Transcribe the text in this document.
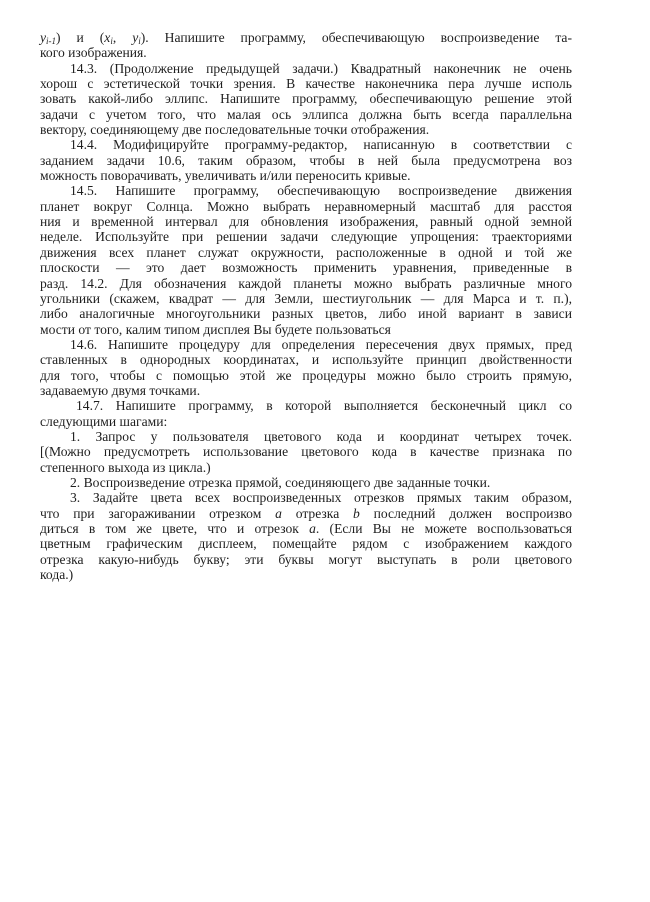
$y_{i-1}$) и ($x_i$, $y_i$). Напишите программу, обеспечивающую воспроизведение та-
кого изображения.
14.3. (Продолжение предыдущей задачи.) Квадратный наконечник не очень
хорош с эстетической точки зрения. В качестве наконечника пера лучше исполь
зовать какой-либо эллипс. Напишите программу, обеспечивающую решение этой
задачи с учетом того, что малая ось эллипса должна быть всегда параллельна
вектору, соединяющему две последовательные точки отображения.
14.4. Модифицируйте программу-редактор, написанную в соответствии с
заданием задачи 10.6, таким образом, чтобы в ней была предусмотрена воз
можность поворачивать, увеличивать и/или переносить кривые.
14.5. Напишите программу, обеспечивающую воспроизведение движения
планет вокруг Солнца. Можно выбрать неравномерный масштаб для расстоя
ния и временной интервал для обновления изображения, равный одной земной
неделе. Используйте при решении задачи следующие упрощения: траекториями
движения всех планет служат окружности, расположенные в одной и той же
плоскости — это дает возможность применить уравнения, приведенные в
разд. 14.2. Для обозначения каждой планеты можно выбрать различные много
угольники (скажем, квадрат — для Земли, шестиугольник — для Марса и т. п.),
либо аналогичные многоугольники разных цветов, либо иной вариант в зависи
мости от того, калим типом дисплея Вы будете пользоваться
14.6. Напишите процедуру для определения пересечения двух прямых, пред
ставленных в однородных координатах, и используйте принцип двойственности
для того, чтобы с помощью этой же процедуры можно было строить прямую,
задаваемую двумя точками.
14.7. Напишите программу, в которой выполняется бесконечный цикл со
следующими шагами:
1. Запрос у пользователя цветового кода и координат четырех точек.
[(Можно предусмотреть использование цветового кода в качестве признака по
степенного выхода из цикла.)
2. Воспроизведение отрезка прямой, соединяющего две заданные точки.
3. Задайте цвета всех воспроизведенных отрезков прямых таким образом,
что при загораживании отрезком a отрезка b последний должен воспроизво
диться в том же цвете, что и отрезок a. (Если Вы не можете воспользоваться
цветным графическим дисплеем, помещайте рядом с изображением каждого
отрезка какую-нибудь букву; эти буквы могут выступать в роли цветового
кода.)
